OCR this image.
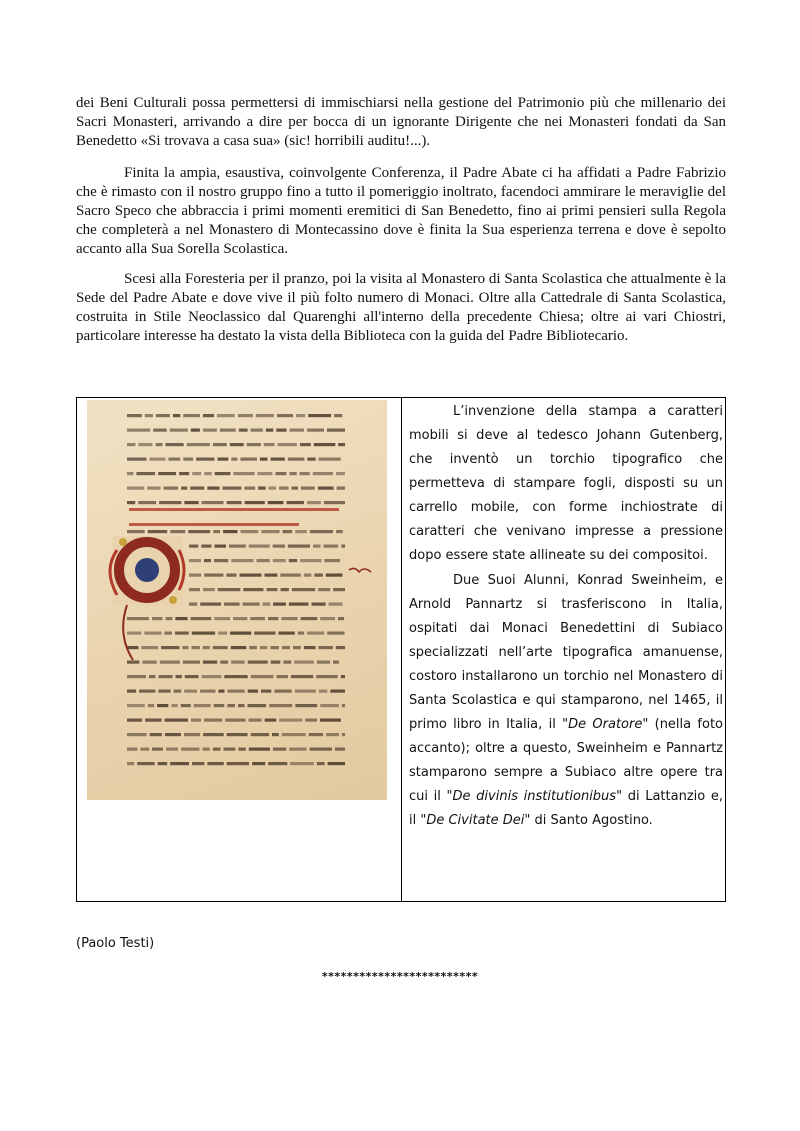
dei Beni Culturali possa permettersi di immischiarsi nella gestione del Patrimonio più che millenario dei Sacri Monasteri, arrivando a dire per bocca di un ignorante Dirigente che nei Monasteri fondati da San Benedetto «Si trovava a casa sua» (sic! horribili auditu!...).

Finita la ampia, esaustiva, coinvolgente Conferenza, il Padre Abate ci ha affidati a Padre Fabrizio che è rimasto con il nostro gruppo fino a tutto il pomeriggio inoltrato, facendoci ammirare le meraviglie del Sacro Speco che abbraccia i primi momenti eremitici di San Benedetto, fino ai primi pensieri sulla Regola che completerà a nel Monastero di Montecassino dove è finita la Sua esperienza terrena e dove è sepolto accanto alla Sua Sorella Scolastica.

Scesi alla Foresteria per il pranzo, poi la visita al Monastero di Santa Scolastica che attualmente è la Sede del Padre Abate e dove vive il più folto numero di Monaci. Oltre alla Cattedrale di Santa Scolastica, costruita in Stile Neoclassico dal Quarenghi all'interno della precedente Chiesa; oltre ai vari Chiostri, particolare interesse ha destato la vista della Biblioteca con la guida del Padre Bibliotecario.

L’invenzione della stampa a caratteri mobili si deve al tedesco Johann Gutenberg, che inventò un torchio tipografico che permetteva di stampare fogli, disposti su un carrello mobile, con forme inchiostrate di caratteri che venivano impresse a pressione dopo essere state allineate su dei compositoi.

Due Suoi Alunni, Konrad Sweinheim, e Arnold Pannartz si trasferiscono in Italia, ospitati dai Monaci Benedettini di Subiaco specializzati nell’arte tipografica amanuense, costoro installarono un torchio nel Monastero di Santa Scolastica e qui stamparono, nel 1465, il primo libro in Italia, il "De Oratore" (nella foto accanto); oltre a questo, Sweinheim e Pannartz stamparono sempre a Subiaco altre opere tra cui il "De divinis institutionibus" di Lattanzio e, il "De Civitate Dei" di Santo Agostino.

(Paolo Testi)
*************************
